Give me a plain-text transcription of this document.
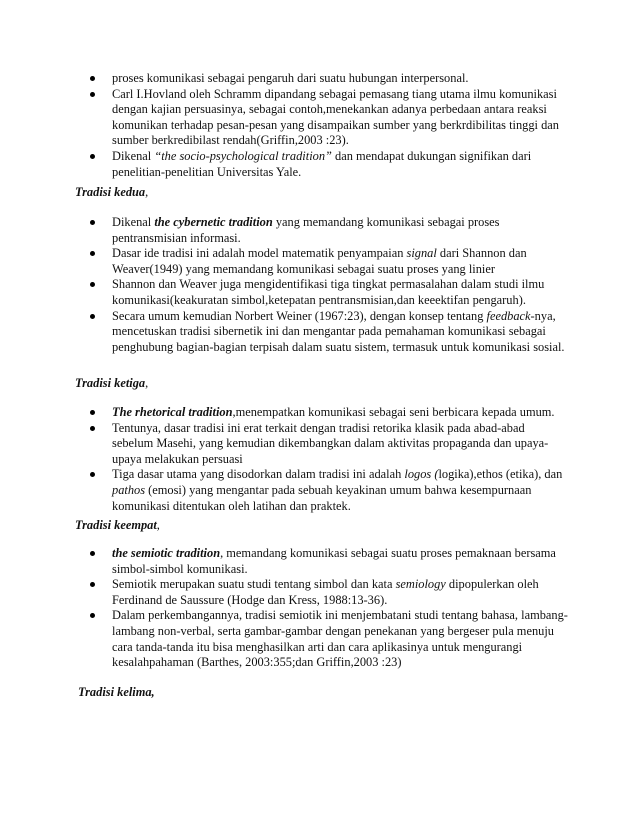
proses komunikasi sebagai pengaruh dari suatu hubungan interpersonal.
Carl I.Hovland oleh Schramm dipandang sebagai pemasang tiang utama ilmu komunikasi dengan kajian persuasinya, sebagai contoh,menekankan adanya perbedaan antara reaksi komunikan terhadap pesan-pesan yang disampaikan sumber yang berkrdibilitas tinggi dan sumber berkredibilast rendah(Griffin,2003 :23).
Dikenal “the socio-psychological tradition” dan mendapat dukungan signifikan dari penelitian-penelitian Universitas Yale.
Tradisi kedua,
Dikenal the cybernetic tradition yang memandang komunikasi sebagai proses pentransmisian informasi.
Dasar ide tradisi ini adalah model matematik penyampaian signal dari Shannon dan Weaver(1949) yang memandang komunikasi sebagai suatu proses yang linier
Shannon dan Weaver juga mengidentifikasi tiga tingkat permasalahan dalam studi ilmu komunikasi(keakuratan simbol,ketepatan pentransmisian,dan keeektifan pengaruh).
Secara umum kemudian Norbert Weiner (1967:23), dengan konsep tentang feedback-nya, mencetuskan tradisi sibernetik ini dan mengantar pada pemahaman komunikasi sebagai penghubung bagian-bagian terpisah dalam suatu sistem, termasuk untuk komunikasi sosial.
Tradisi ketiga,
The rhetorical tradition,menempatkan komunikasi sebagai seni berbicara kepada umum.
Tentunya, dasar tradisi ini erat terkait dengan tradisi retorika klasik pada abad-abad sebelum Masehi, yang kemudian dikembangkan dalam aktivitas propaganda dan upaya-upaya melakukan persuasi
Tiga dasar utama yang disodorkan dalam tradisi ini adalah logos (logika),ethos (etika), dan pathos (emosi) yang mengantar pada sebuah keyakinan umum bahwa kesempurnaan komunikasi ditentukan oleh latihan dan praktek.
Tradisi keempat,
the semiotic tradition, memandang komunikasi sebagai suatu proses pemaknaan bersama simbol-simbol komunikasi.
Semiotik merupakan suatu studi tentang simbol dan kata semiology dipopulerkan oleh Ferdinand de Saussure (Hodge dan Kress, 1988:13-36).
Dalam perkembangannya, tradisi semiotik ini menjembatani studi tentang bahasa, lambang-lambang non-verbal, serta gambar-gambar dengan penekanan yang bergeser pula menuju cara tanda-tanda itu bisa menghasilkan arti dan cara aplikasinya untuk mengurangi kesalahpahaman (Barthes, 2003:355;dan Griffin,2003 :23)
Tradisi kelima,
